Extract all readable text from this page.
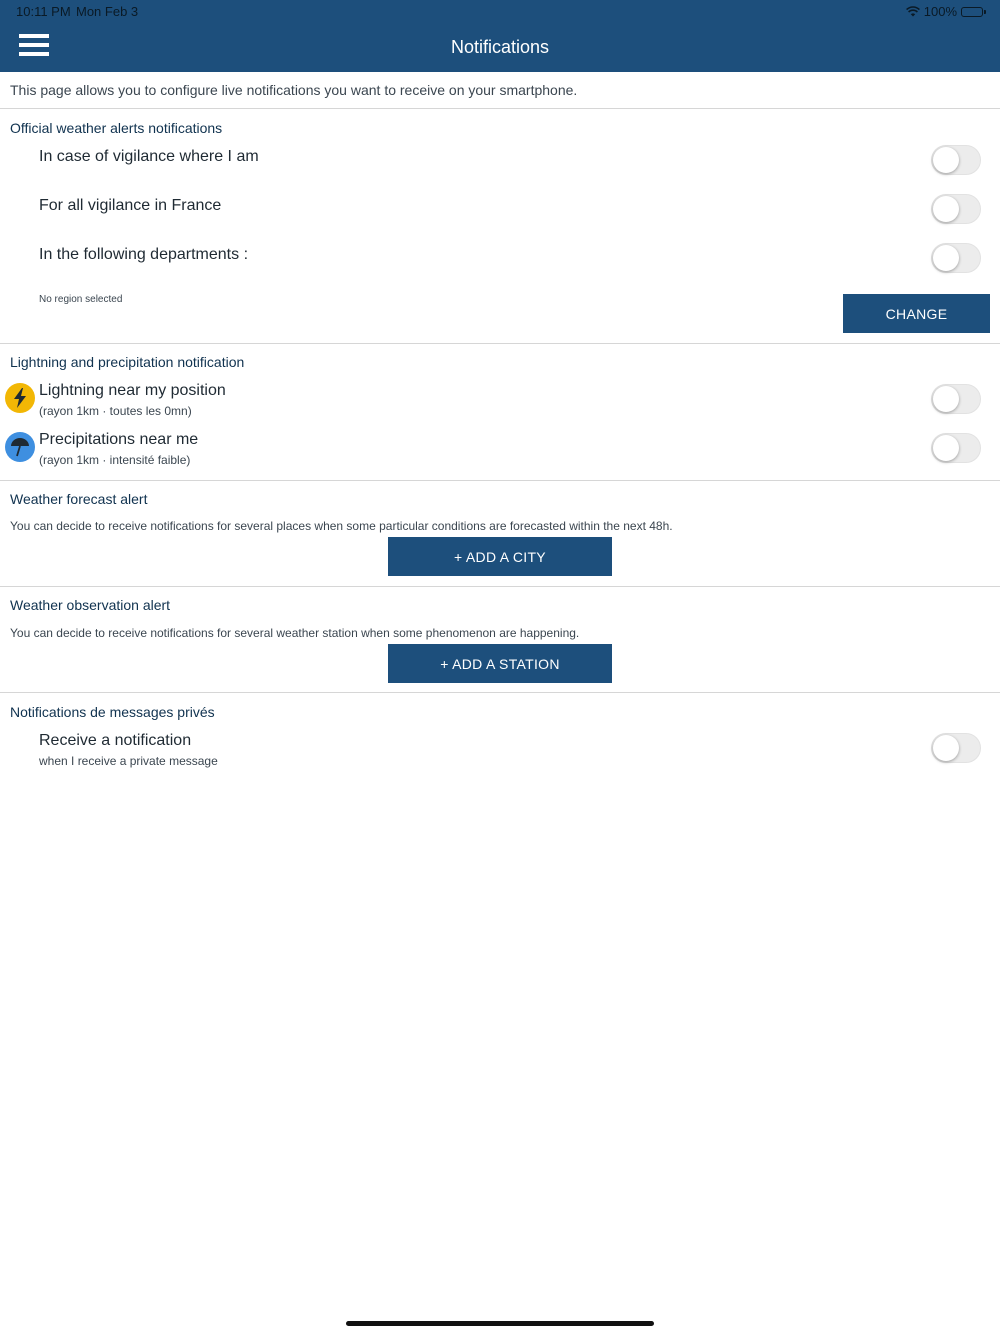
10:11 PM Mon Feb 3	100%
Notifications
This page allows you to configure live notifications you want to receive on your smartphone.
Official weather alerts notifications
In case of vigilance where I am
For all vigilance in France
In the following departments :
No region selected
CHANGE
Lightning and precipitation notification
Lightning near my position
(rayon 1km · toutes les 0mn)
Precipitations near me
(rayon 1km · intensité faible)
Weather forecast alert
You can decide to receive notifications for several places when some particular conditions are forecasted within the next 48h.
+ ADD A CITY
Weather observation alert
You can decide to receive notifications for several weather station when some phenomenon are happening.
+ ADD A STATION
Notifications de messages privés
Receive a notification
when I receive a private message
